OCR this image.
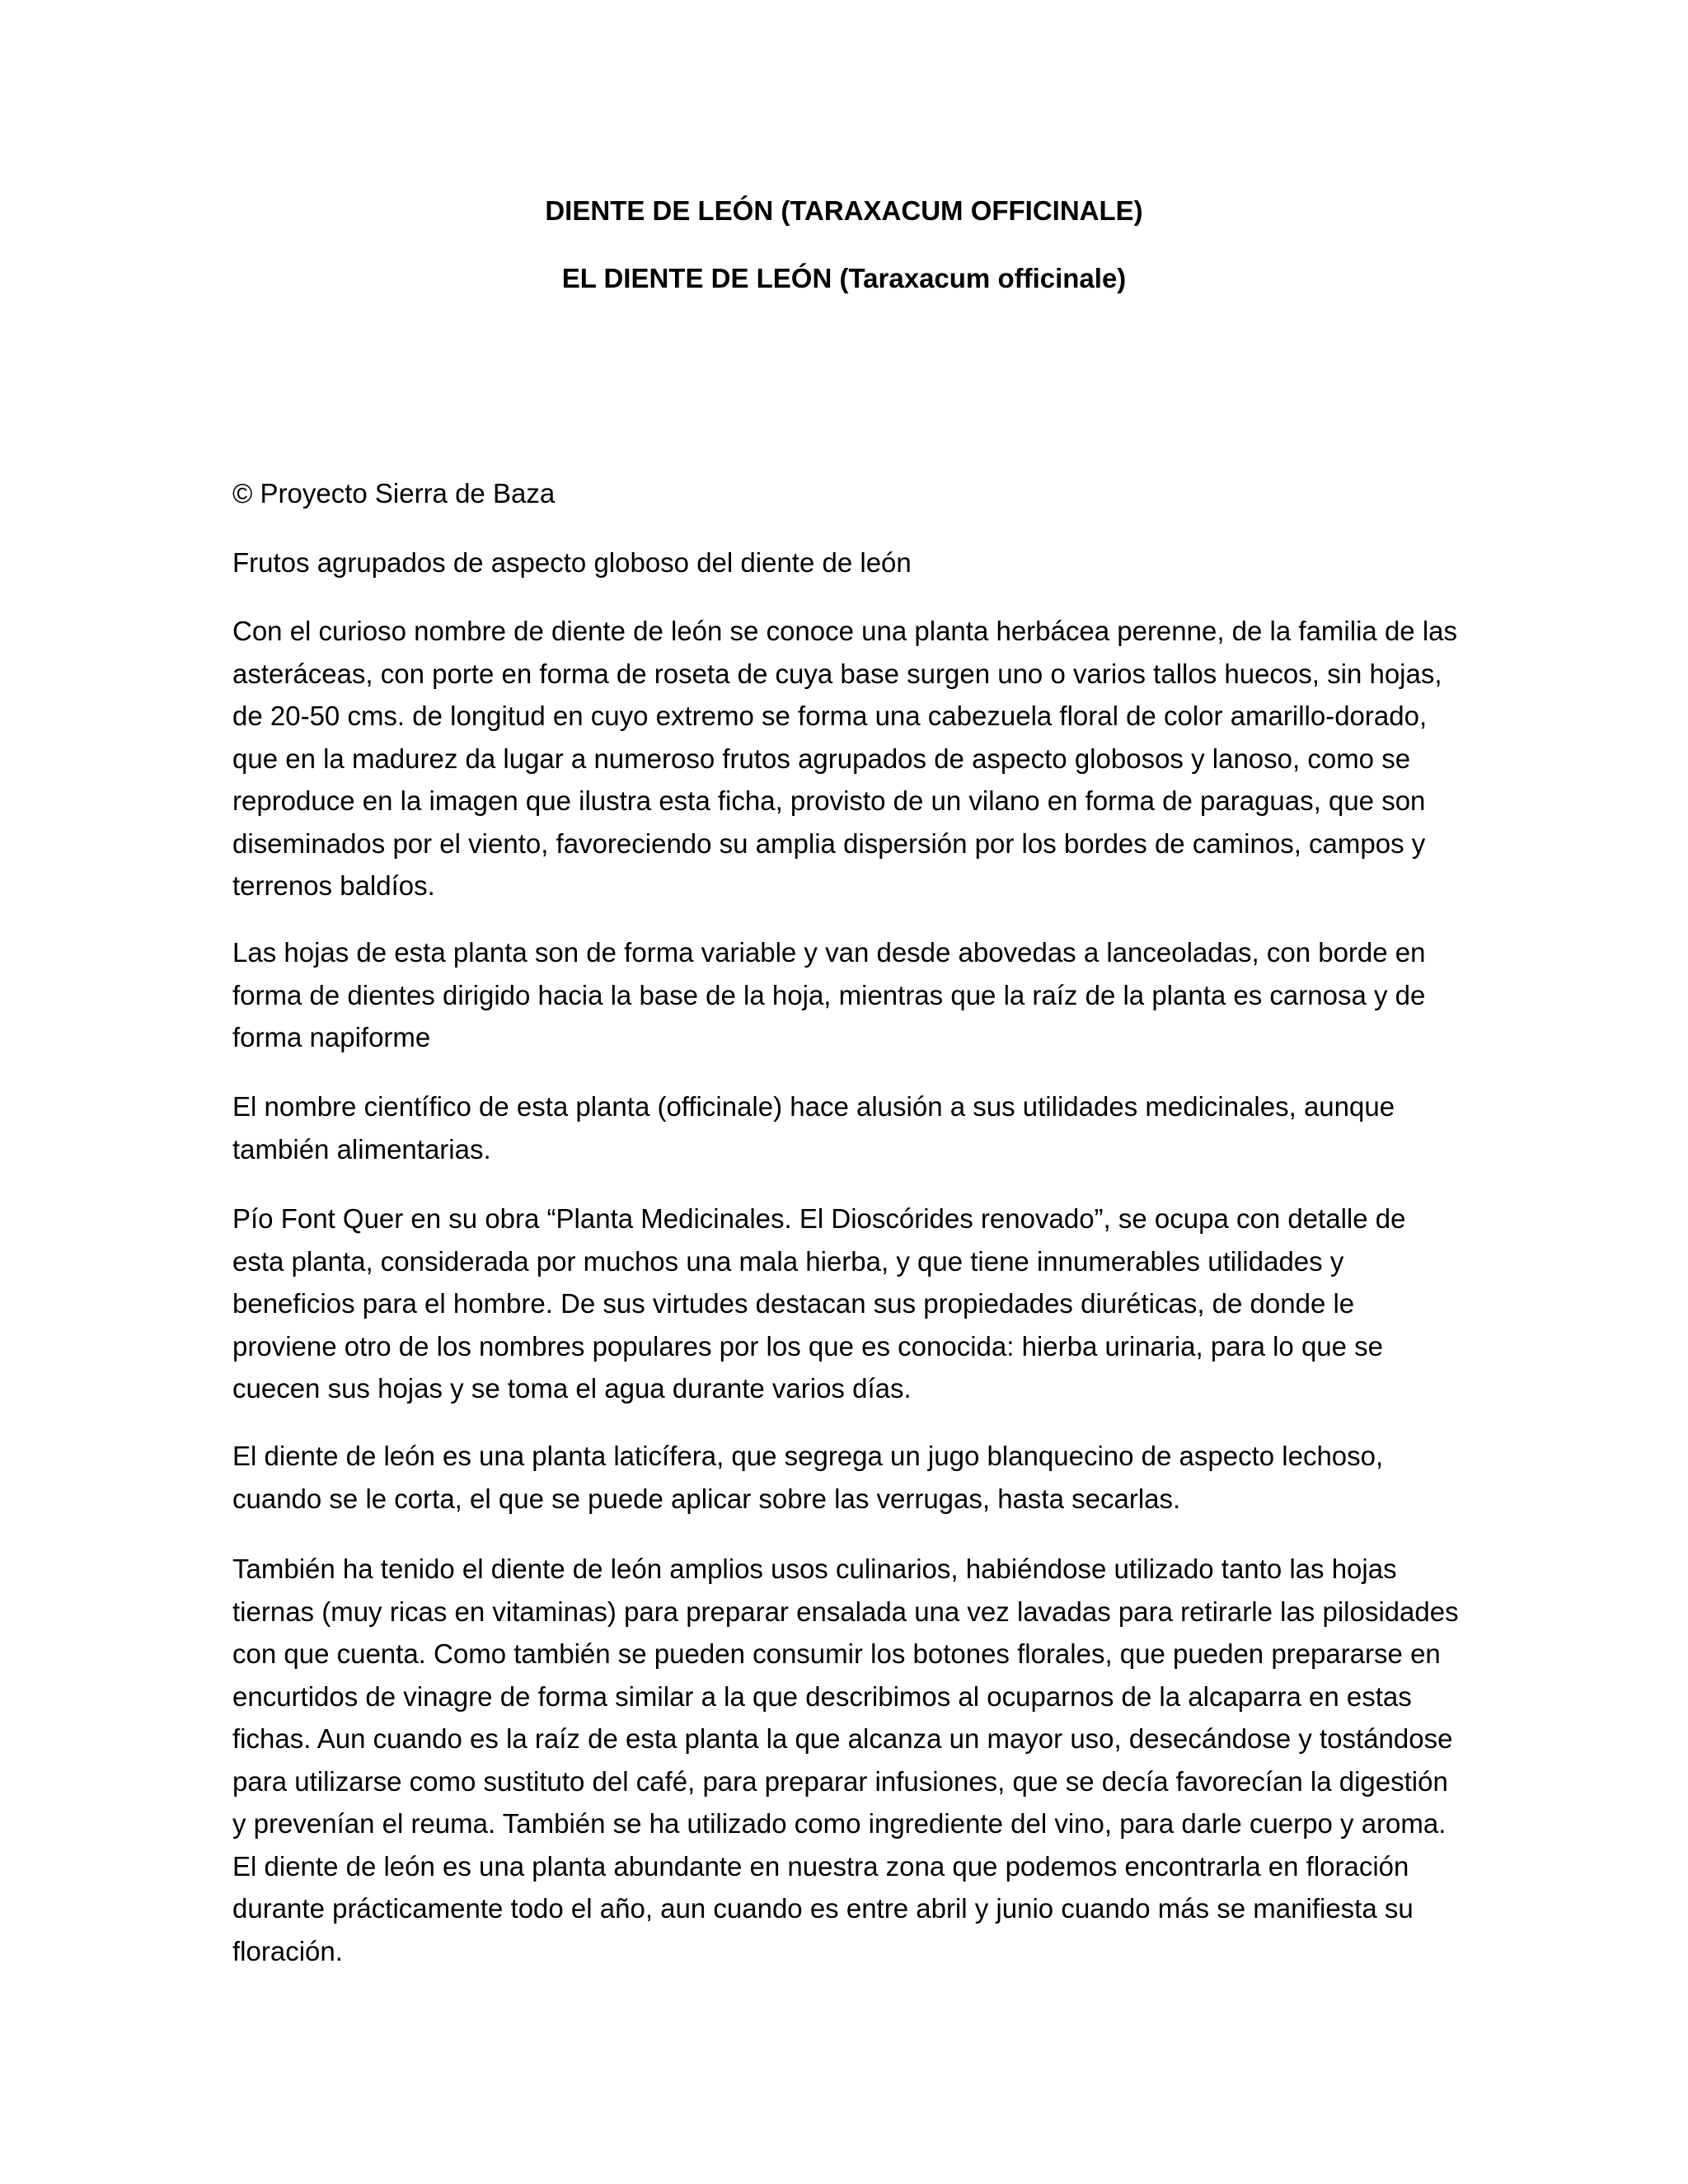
DIENTE DE LEÓN (TARAXACUM OFFICINALE)
EL DIENTE DE LEÓN (Taraxacum officinale)

© Proyecto Sierra de Baza

Frutos agrupados de aspecto globoso del diente de león

Con el curioso nombre de diente de león se conoce una planta herbácea perenne, de la familia de las asteráceas, con porte en forma de roseta de cuya base surgen uno o varios tallos huecos, sin hojas, de 20-50 cms. de longitud en cuyo extremo se forma una cabezuela floral de color amarillo-dorado, que en la madurez da lugar a numeroso frutos agrupados de aspecto globosos y lanoso, como se reproduce en la imagen que ilustra esta ficha, provisto de un vilano en forma de paraguas, que son diseminados por el viento, favoreciendo su amplia dispersión por los bordes de caminos, campos y terrenos baldíos.

Las hojas de esta planta son de forma variable y van desde abovedas a lanceoladas, con borde en forma de dientes dirigido hacia la base de la hoja, mientras que la raíz de la planta es carnosa y de forma napiforme

El nombre científico de esta planta (officinale) hace alusión a sus utilidades medicinales, aunque también alimentarias.

Pío Font Quer en su obra “Planta Medicinales. El Dioscórides renovado”, se ocupa con detalle de esta planta, considerada por muchos una mala hierba, y que tiene innumerables utilidades y beneficios para el hombre. De sus virtudes destacan sus propiedades diuréticas, de donde le proviene otro de los nombres populares por los que es conocida: hierba urinaria, para lo que se cuecen sus hojas y se toma el agua durante varios días.

El diente de león es una planta laticífera, que segrega un jugo blanquecino de aspecto lechoso, cuando se le corta, el que se puede aplicar sobre las verrugas, hasta secarlas.

También ha tenido el diente de león amplios usos culinarios, habiéndose utilizado tanto las hojas tiernas (muy ricas en vitaminas) para preparar ensalada una vez lavadas para retirarle las pilosidades con que cuenta. Como también se pueden consumir los botones florales, que pueden prepararse en encurtidos de vinagre de forma similar a la que describimos al ocuparnos de la alcaparra en estas fichas. Aun cuando es la raíz de esta planta la que alcanza un mayor uso, desecándose y tostándose para utilizarse como sustituto del café, para preparar infusiones, que se decía favorecían la digestión y prevenían el reuma. También se ha utilizado como ingrediente del vino, para darle cuerpo y aroma. El diente de león es una planta abundante en nuestra zona que podemos encontrarla en floración durante prácticamente todo el año, aun cuando es entre abril y junio cuando más se manifiesta su floración.
